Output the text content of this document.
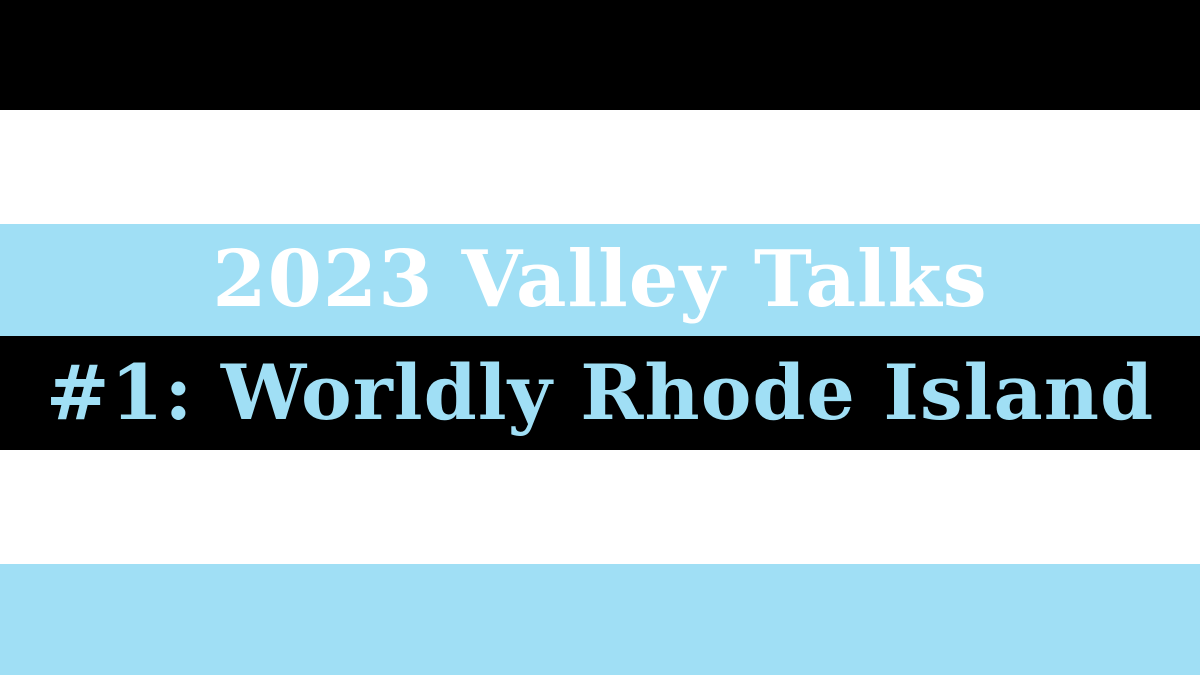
2023 Valley Talks
#1: Worldly Rhode Island
